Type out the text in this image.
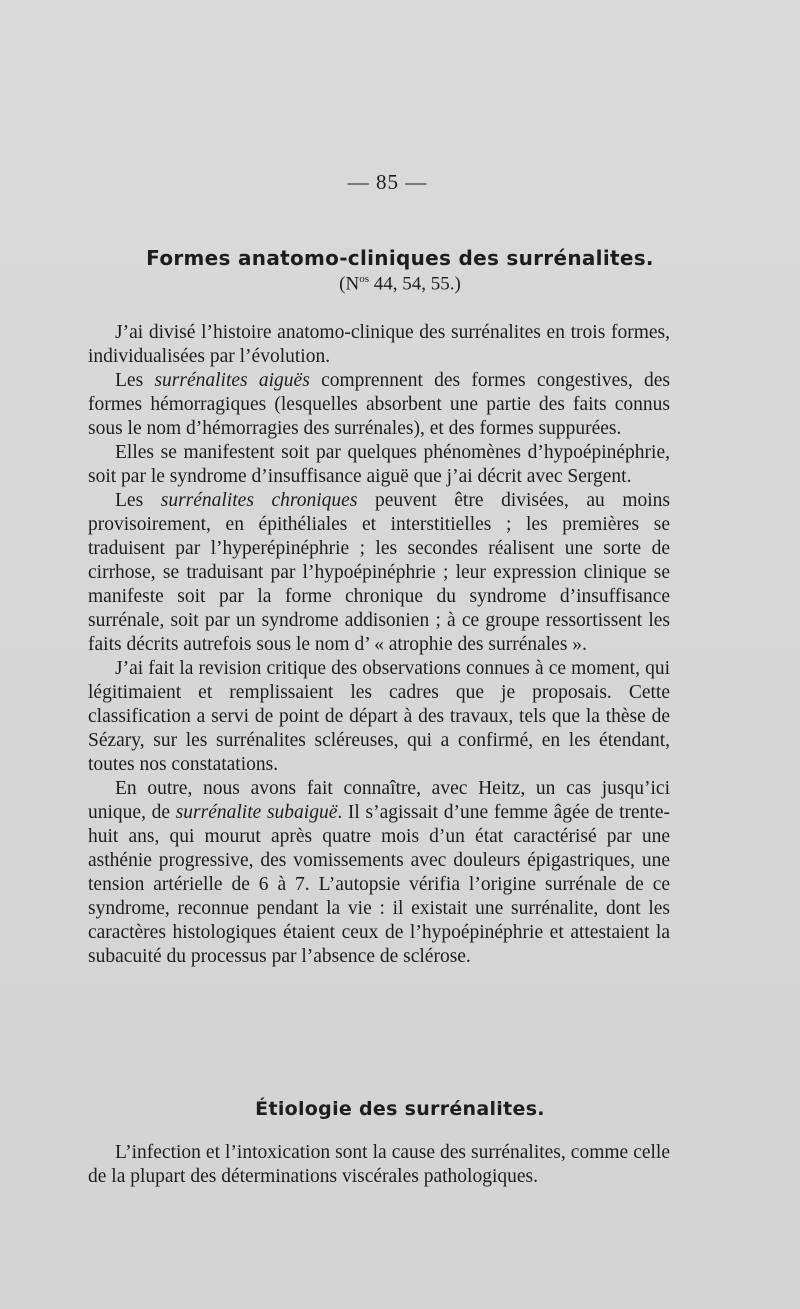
— 85 —
Formes anatomo-cliniques des surrénalites.
($N^{os}$ 44, 54, 55.)

J’ai divisé l’histoire anatomo-clinique des surrénalites en trois formes, individualisées par l’évolution.

Les surrénalites aiguës comprennent des formes congestives, des formes hémorragiques (lesquelles absorbent une partie des faits connus sous le nom d’hémorragies des surrénales), et des formes suppurées.

Elles se manifestent soit par quelques phénomènes d’hypoépinéphrie, soit par le syndrome d’insuffisance aiguë que j’ai décrit avec Sergent.

Les surrénalites chroniques peuvent être divisées, au moins provisoirement, en épithéliales et interstitielles ; les premières se traduisent par l’hyperépinéphrie ; les secondes réalisent une sorte de cirrhose, se traduisant par l’hypoépinéphrie ; leur expression clinique se manifeste soit par la forme chronique du syndrome d’insuffisance surrénale, soit par un syndrome addisonien ; à ce groupe ressortissent les faits décrits autrefois sous le nom d’ « atrophie des surrénales ».

J’ai fait la revision critique des observations connues à ce moment, qui légitimaient et remplissaient les cadres que je proposais. Cette classification a servi de point de départ à des travaux, tels que la thèse de Sézary, sur les surrénalites scléreuses, qui a confirmé, en les étendant, toutes nos constatations.

En outre, nous avons fait connaître, avec Heitz, un cas jusqu’ici unique, de surrénalite subaiguë. Il s’agissait d’une femme âgée de trente-huit ans, qui mourut après quatre mois d’un état caractérisé par une asthénie progressive, des vomissements avec douleurs épigastriques, une tension artérielle de 6 à 7. L’autopsie vérifia l’origine surrénale de ce syndrome, reconnue pendant la vie : il existait une surrénalite, dont les caractères histologiques étaient ceux de l’hypoépinéphrie et attestaient la subacuité du processus par l’absence de sclérose.

Étiologie des surrénalites.

L’infection et l’intoxication sont la cause des surrénalites, comme celle de la plupart des déterminations viscérales pathologiques.
